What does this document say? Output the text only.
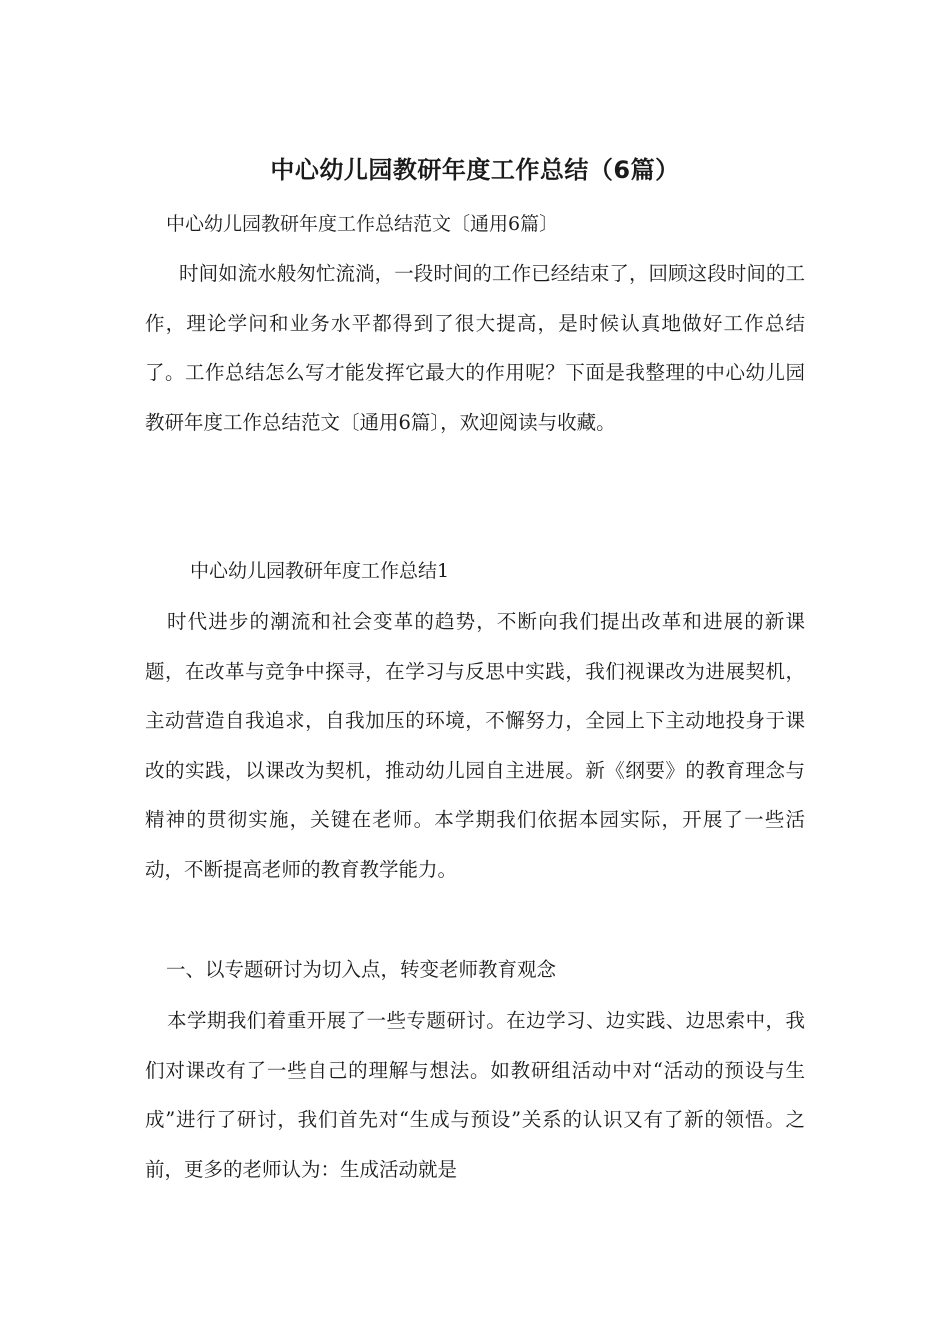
中心幼儿园教研年度工作总结（6篇）

中心幼儿园教研年度工作总结范文〔通用6篇〕

时间如流水般匆忙流淌，一段时间的工作已经结束了，回顾这段时间的工作，理论学问和业务水平都得到了很大提高，是时候认真地做好工作总结了。工作总结怎么写才能发挥它最大的作用呢？下面是我整理的中心幼儿园教研年度工作总结范文〔通用6篇〕，欢迎阅读与收藏。

中心幼儿园教研年度工作总结1

时代进步的潮流和社会变革的趋势，不断向我们提出改革和进展的新课题，在改革与竞争中探寻，在学习与反思中实践，我们视课改为进展契机，主动营造自我追求，自我加压的环境，不懈努力，全园上下主动地投身于课改的实践，以课改为契机，推动幼儿园自主进展。新《纲要》的教育理念与精神的贯彻实施，关键在老师。本学期我们依据本园实际，开展了一些活动，不断提高老师的教育教学能力。

一、以专题研讨为切入点，转变老师教育观念

本学期我们着重开展了一些专题研讨。在边学习、边实践、边思索中，我们对课改有了一些自己的理解与想法。如教研组活动中对“活动的预设与生成”进行了研讨，我们首先对“生成与预设”关系的认识又有了新的领悟。之前，更多的老师认为：生成活动就是
